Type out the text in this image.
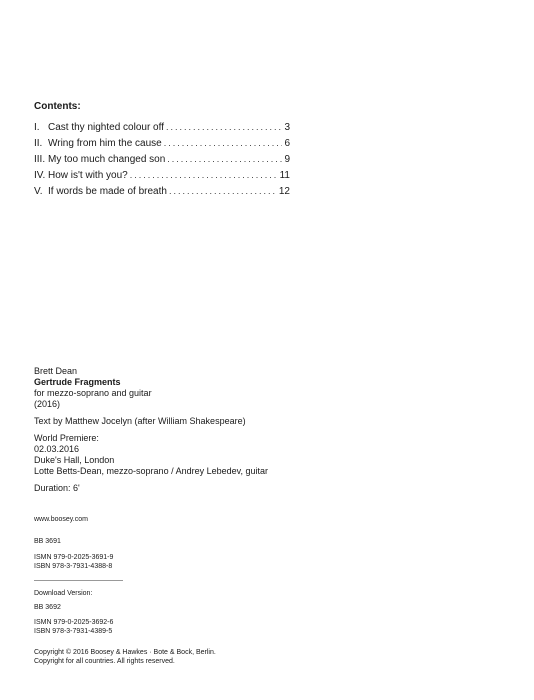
Contents:
I. Cast thy nighted colour off .....	3
II. Wring from him the cause .....	6
III. My too much changed son .....	9
IV. How is't with you? .....	11
V. If words be made of breath .....	12
Brett Dean
Gertrude Fragments
for mezzo-soprano and guitar
(2016)
Text by Matthew Jocelyn (after William Shakespeare)
World Premiere:
02.03.2016
Duke's Hall, London
Lotte Betts-Dean, mezzo-soprano / Andrey Lebedev, guitar
Duration: 6'
www.boosey.com
BB 3691
ISMN 979-0-2025-3691-9
ISBN 978-3-7931-4388-8
Download Version:
BB 3692
ISMN 979-0-2025-3692-6
ISBN 978-3-7931-4389-5
Copyright © 2016 Boosey & Hawkes · Bote & Bock, Berlin.
Copyright for all countries. All rights reserved.
